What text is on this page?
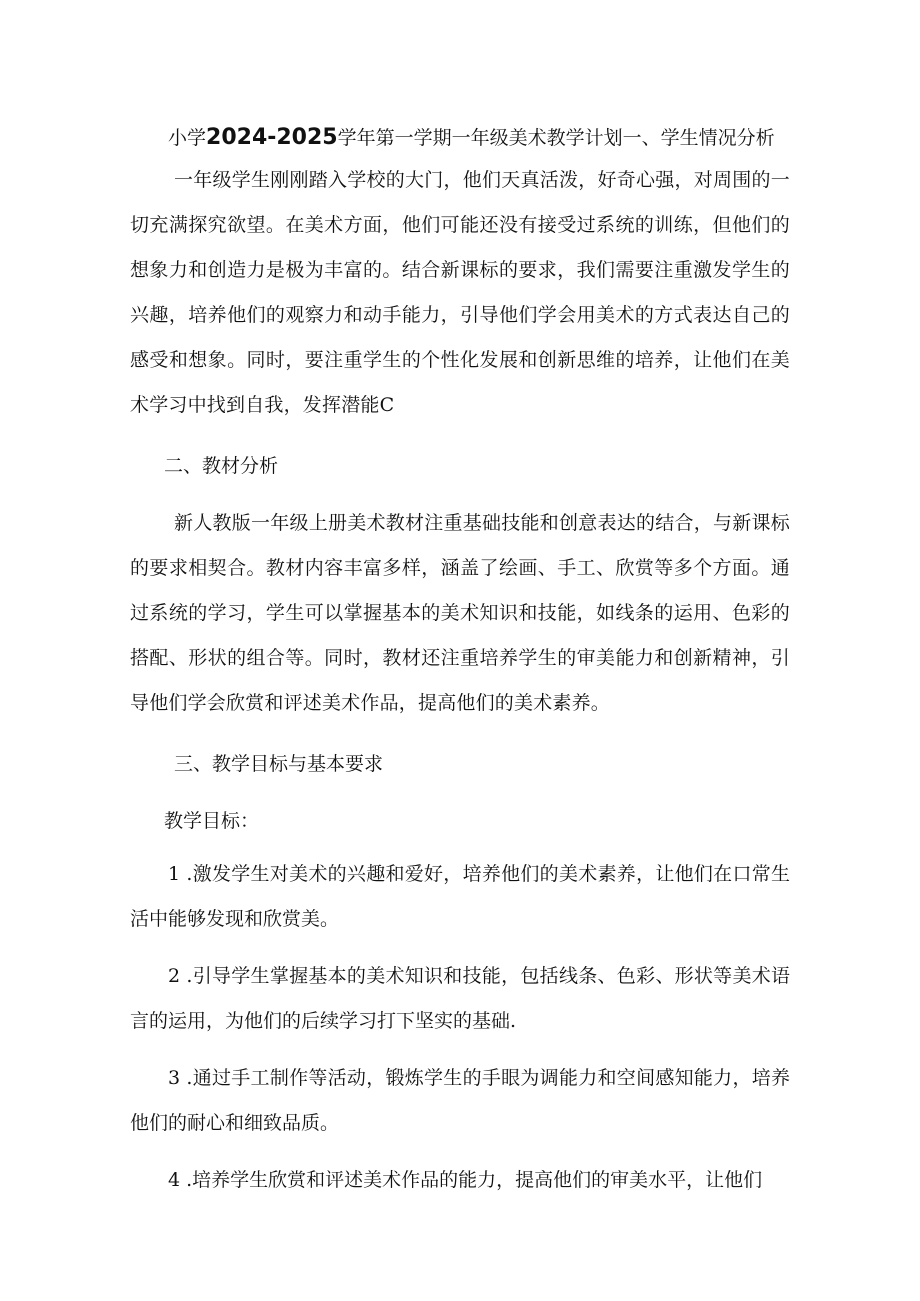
小学2024-2025学年第一学期一年级美术教学计划一、学生情况分析

一年级学生刚刚踏入学校的大门，他们天真活泼，好奇心强，对周围的一切充满探究欲望。在美术方面，他们可能还没有接受过系统的训练，但他们的想象力和创造力是极为丰富的。结合新课标的要求，我们需要注重激发学生的兴趣，培养他们的观察力和动手能力，引导他们学会用美术的方式表达自己的感受和想象。同时，要注重学生的个性化发展和创新思维的培养，让他们在美术学习中找到自我，发挥潜能C

二、教材分析

新人教版一年级上册美术教材注重基础技能和创意表达的结合，与新课标的要求相契合。教材内容丰富多样，涵盖了绘画、手工、欣赏等多个方面。通过系统的学习，学生可以掌握基本的美术知识和技能，如线条的运用、色彩的搭配、形状的组合等。同时，教材还注重培养学生的审美能力和创新精神，引导他们学会欣赏和评述美术作品，提高他们的美术素养。

三、教学目标与基本要求
教学目标：

1 .激发学生对美术的兴趣和爱好，培养他们的美术素养，让他们在口常生活中能够发现和欣赏美。

2 .引导学生掌握基本的美术知识和技能，包括线条、色彩、形状等美术语言的运用，为他们的后续学习打下坚实的基础.

3 .通过手工制作等活动，锻炼学生的手眼为调能力和空间感知能力，培养他们的耐心和细致品质。

4 .培养学生欣赏和评述美术作品的能力，提高他们的审美水平，让他们
